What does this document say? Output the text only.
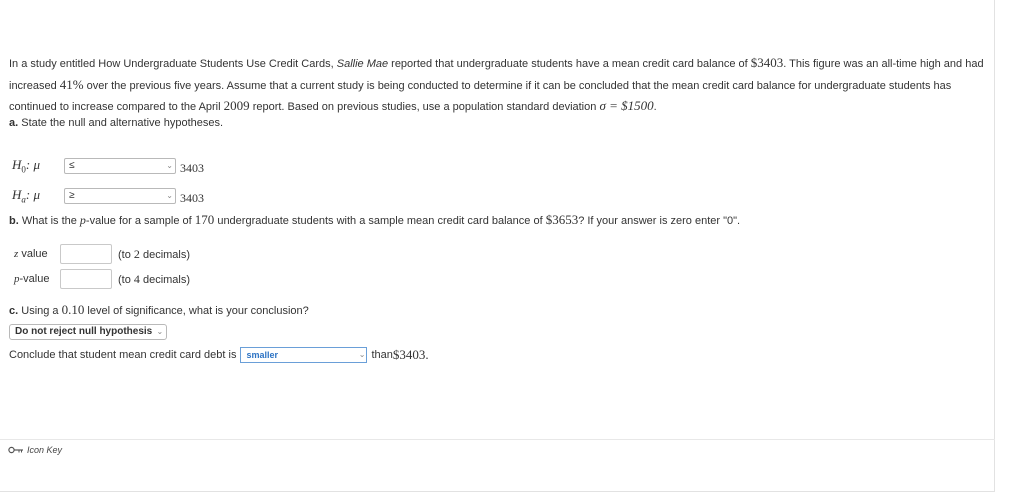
In a study entitled How Undergraduate Students Use Credit Cards, Sallie Mae reported that undergraduate students have a mean credit card balance of $3403. This figure was an all-time high and had increased 41% over the previous five years. Assume that a current study is being conducted to determine if it can be concluded that the mean credit card balance for undergraduate students has continued to increase compared to the April 2009 report. Based on previous studies, use a population standard deviation σ = $1500.
a. State the null and alternative hypotheses.
$H_0$: μ	≤	⌄ 3403
$H_a$: μ	≥	⌄ 3403
b. What is the p-value for a sample of 170 undergraduate students with a sample mean credit card balance of $3653? If your answer is zero enter "0".
z value	(to 2 decimals)
p-value	(to 4 decimals)
c. Using a 0.10 level of significance, what is your conclusion?
Do not reject null hypothesis ⌄
Conclude that student mean credit card debt is	smaller	⌄ than $3403.
Icon Key
